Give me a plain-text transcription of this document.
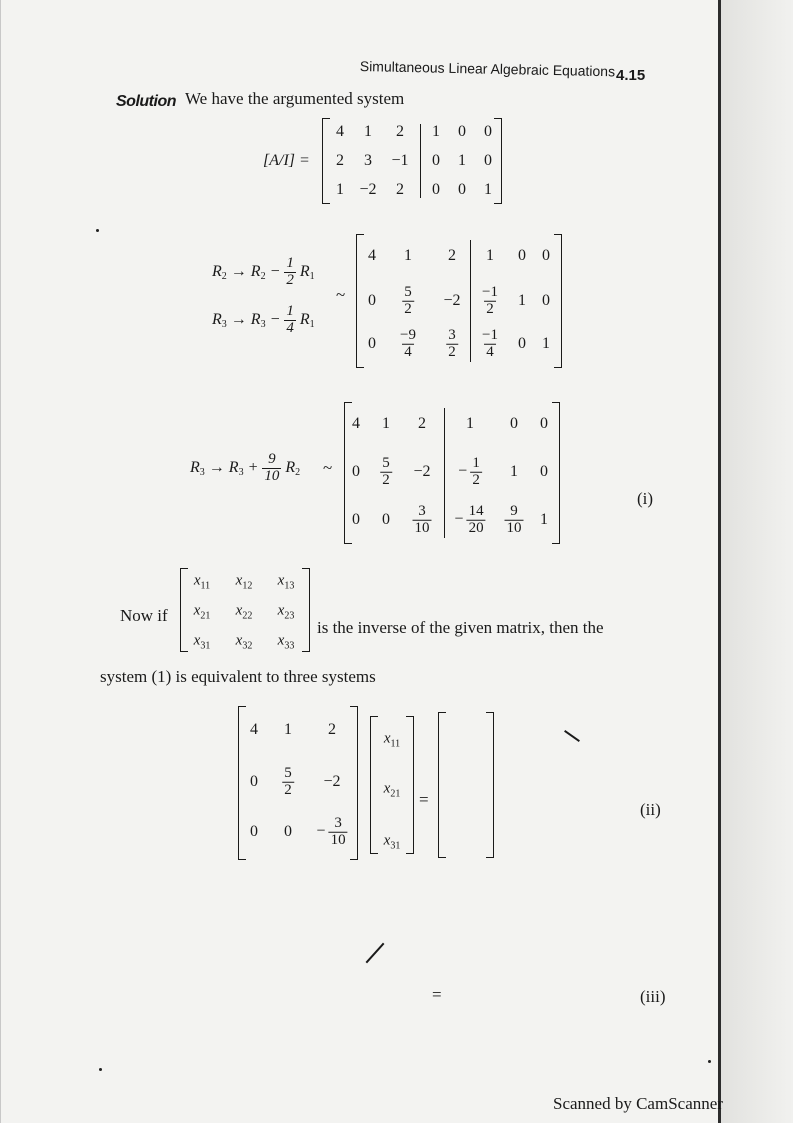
Simultaneous Linear Algebraic Equations 4.15
Solution We have the argumented system
[A/I] =
4 1 2 1 0 0
2 3 −1 0 1 0
1 −2 2 0 0 1
$R_2 \to R_2 - \frac{1}{2} R_1$
$R_3 \to R_3 - \frac{1}{4} R_1$
~
4 1 2 1 0 0
$0 \frac{5}{2} -2 \frac{-1}{2} 1$ 0
$0 \frac{-9}{4} \frac{3}{2} \frac{-1}{4} 0$ 1
$R_3 \to R_3 + \frac{9}{10} R_2$ ~
4 1 2	1 0 0
$0 \frac{5}{2} -2 - \frac{1}{2} 1$ 0
0 $0 \frac{3}{10} - \frac{14}{20} \frac{9}{10} 1$
(i)
Now if
$x_{11}$ $x_{12}$ $x_{13}$
$x_{21}$ $x_{22}$ $x_{23}$
$x_{31}$ $x_{32}$ $x_{33}$
is the inverse of the given matrix, then the
system (1) is equivalent to three systems
4 1 2
$0 \frac{5}{2} -2$
0 $0 - \frac{3}{10}$
$x_{11}$
$x_{21}$
$x_{31}$
=
(ii)
=	(iii)
Scanned by CamScanner
